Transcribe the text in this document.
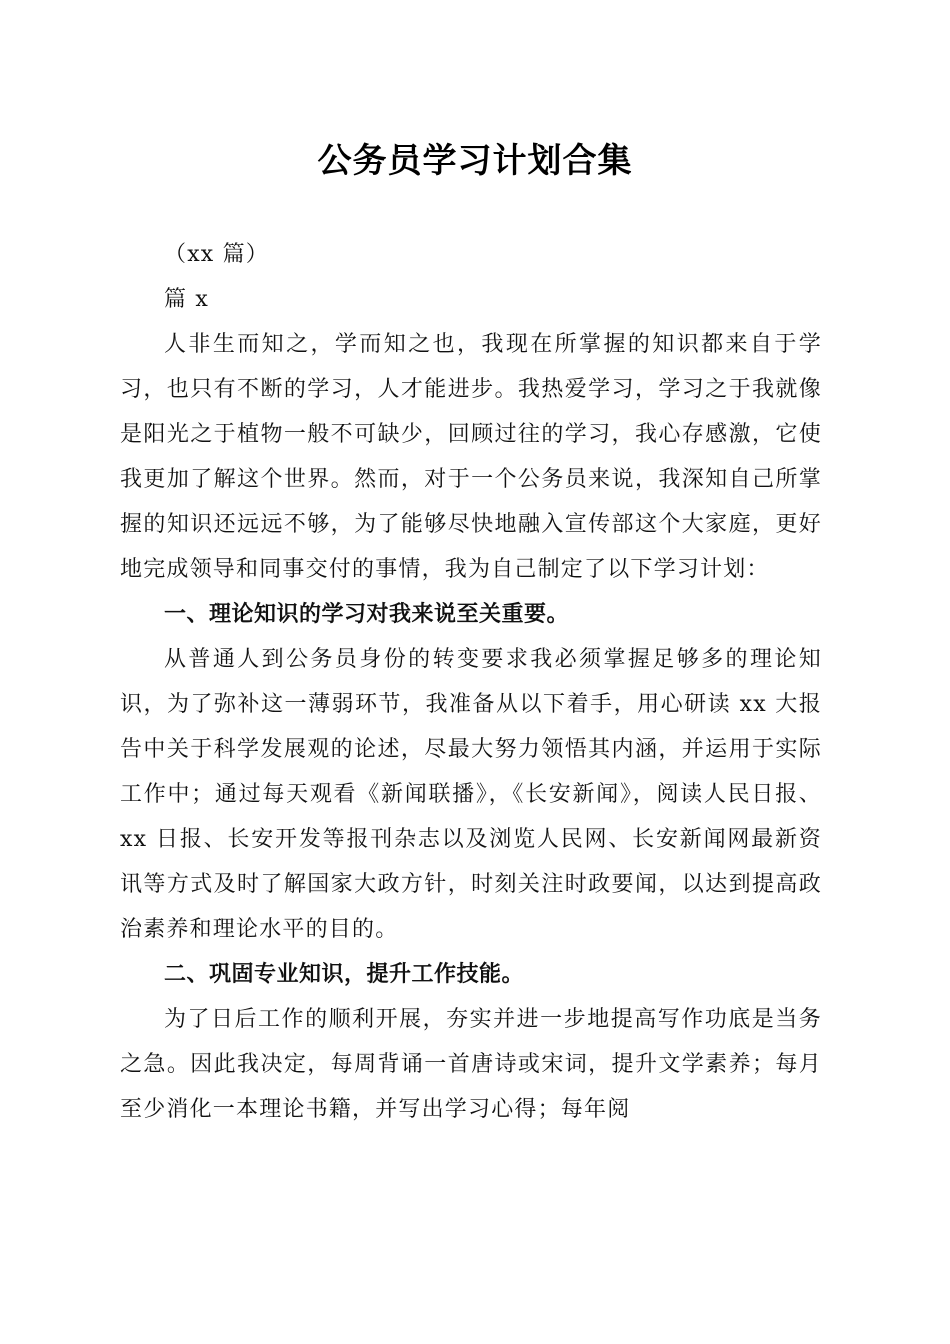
公务员学习计划合集

（xx 篇）

篇 x

人非生而知之，学而知之也，我现在所掌握的知识都来自于学习，也只有不断的学习，人才能进步。我热爱学习，学习之于我就像是阳光之于植物一般不可缺少，回顾过往的学习，我心存感激，它使我更加了解这个世界。然而，对于一个公务员来说，我深知自己所掌握的知识还远远不够，为了能够尽快地融入宣传部这个大家庭，更好地完成领导和同事交付的事情，我为自己制定了以下学习计划：

一、理论知识的学习对我来说至关重要。

从普通人到公务员身份的转变要求我必须掌握足够多的理论知识，为了弥补这一薄弱环节，我准备从以下着手，用心研读 xx 大报告中关于科学发展观的论述，尽最大努力领悟其内涵，并运用于实际工作中；通过每天观看《新闻联播》，《长安新闻》，阅读人民日报、xx 日报、长安开发等报刊杂志以及浏览人民网、长安新闻网最新资讯等方式及时了解国家大政方针，时刻关注时政要闻，以达到提高政治素养和理论水平的目的。

二、巩固专业知识，提升工作技能。

为了日后工作的顺利开展，夯实并进一步地提高写作功底是当务之急。因此我决定，每周背诵一首唐诗或宋词，提升文学素养；每月至少消化一本理论书籍，并写出学习心得；每年阅
